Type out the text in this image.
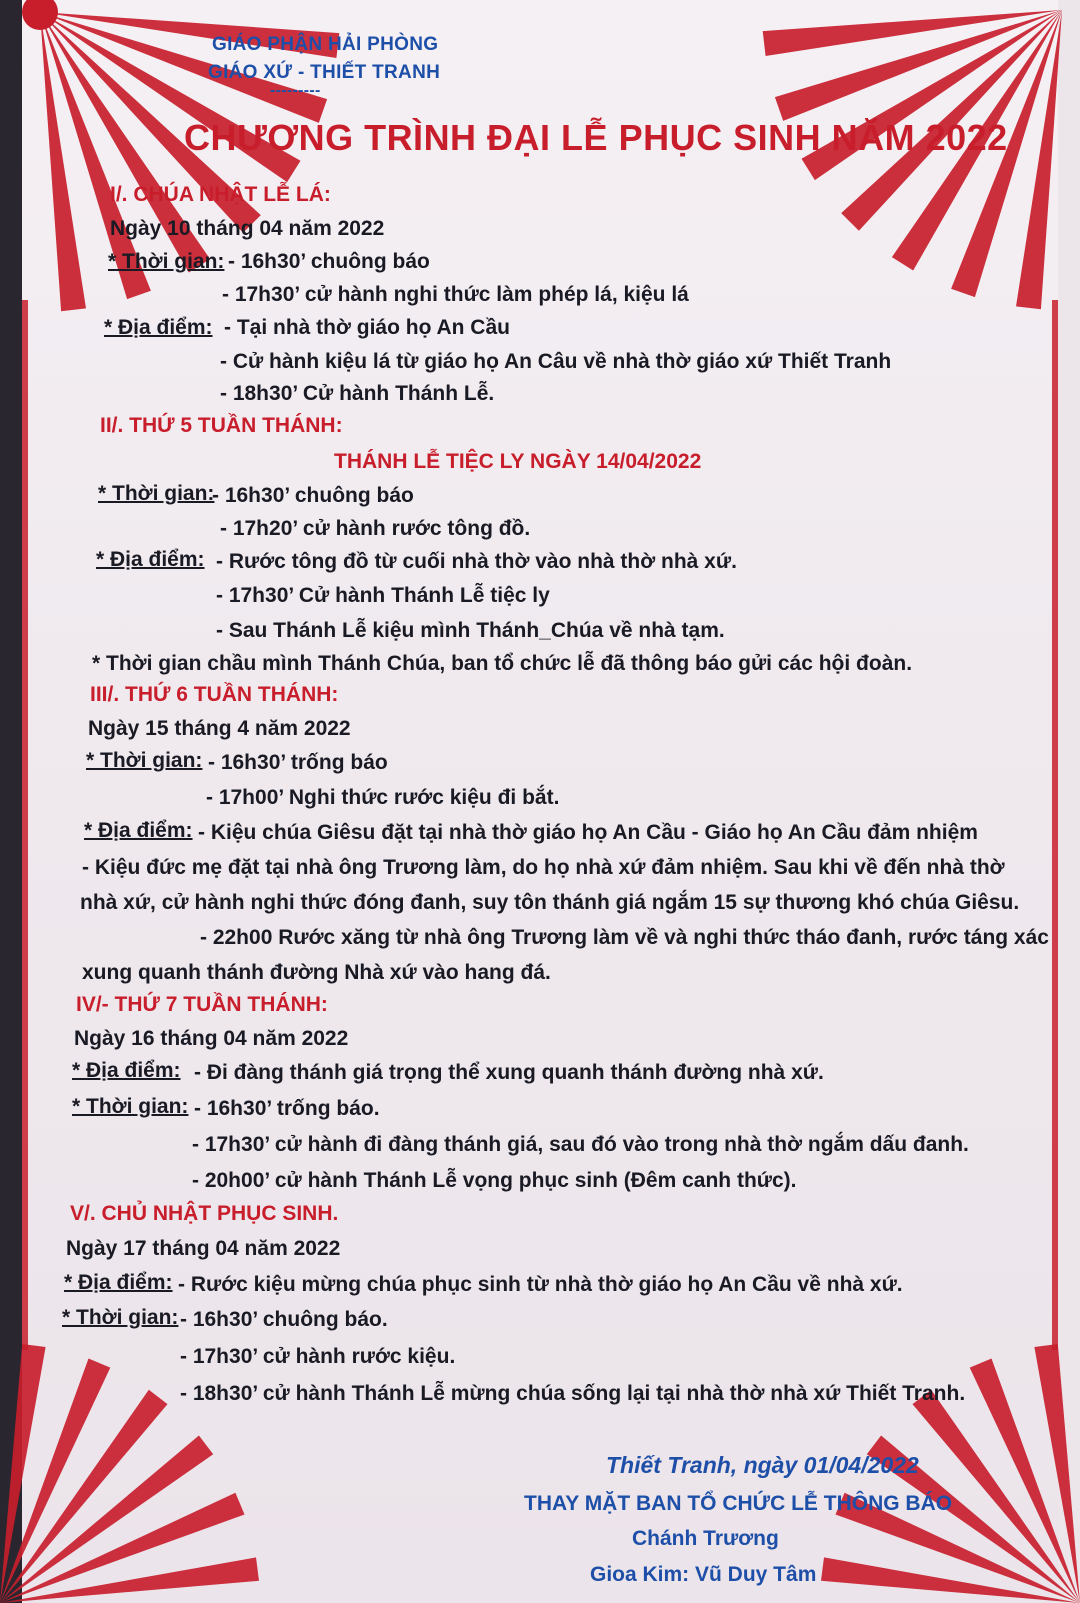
GIÁO PHẬN HẢI PHÒNG
GIÁO XỨ - THIẾT TRANH
---------
CHƯƠNG TRÌNH ĐẠI LỄ PHỤC SINH NĂM 2022
I/. CHÚA NHẬT LỄ LÁ:
Ngày 10 tháng 04 năm 2022
* Thời gian: - 16h30’ chuông báo
- 17h30’ cử hành nghi thức làm phép lá, kiệu lá
* Địa điểm: - Tại nhà thờ giáo họ An Cầu
- Cử hành kiệu lá từ giáo họ An Câu về nhà thờ giáo xứ Thiết Tranh
- 18h30’ Cử hành Thánh Lễ.
II/. THỨ 5 TUẦN THÁNH:
THÁNH LỄ TIỆC LY NGÀY 14/04/2022
* Thời gian:
- 16h30’ chuông báo
- 17h20’ cử hành rước tông đồ.
* Địa điểm: - Rước tông đồ từ cuối nhà thờ vào nhà thờ nhà xứ.
- 17h30’ Cử hành Thánh Lễ tiệc ly
- Sau Thánh Lễ kiệu mình Thánh_Chúa về nhà tạm.
* Thời gian chầu mình Thánh Chúa, ban tổ chức lễ đã thông báo gửi các hội đoàn.
III/. THỨ 6 TUẦN THÁNH:
Ngày 15 tháng 4 năm 2022
* Thời gian: - 16h30’ trống báo
- 17h00’ Nghi thức rước kiệu đi bắt.
* Địa điểm: - Kiệu chúa Giêsu đặt tại nhà thờ giáo họ An Cầu - Giáo họ An Cầu đảm nhiệm
- Kiệu đức mẹ đặt tại nhà ông Trương làm, do họ nhà xứ đảm nhiệm. Sau khi về đến nhà thờ
nhà xứ, cử hành nghi thức đóng đanh, suy tôn thánh giá ngắm 15 sự thương khó chúa Giêsu.
- 22h00 Rước xăng từ nhà ông Trương làm về và nghi thức tháo đanh, rước táng xác
xung quanh thánh đường Nhà xứ vào hang đá.
IV/- THỨ 7 TUẦN THÁNH:
Ngày 16 tháng 04 năm 2022
* Địa điểm: - Đi đàng thánh giá trọng thể xung quanh thánh đường nhà xứ.
* Thời gian: - 16h30’ trống báo.
- 17h30’ cử hành đi đàng thánh giá, sau đó vào trong nhà thờ ngắm dấu đanh.
- 20h00’ cử hành Thánh Lễ vọng phục sinh (Đêm canh thức).
V/. CHỦ NHẬT PHỤC SINH.
Ngày 17 tháng 04 năm 2022
* Địa điểm: - Rước kiệu mừng chúa phục sinh từ nhà thờ giáo họ An Cầu về nhà xứ.
* Thời gian: - 16h30’ chuông báo.
- 17h30’ cử hành rước kiệu.
- 18h30’ cử hành Thánh Lễ mừng chúa sống lại tại nhà thờ nhà xứ Thiết Tranh.
Thiết Tranh, ngày 01/04/2022
THAY MẶT BAN TỔ CHỨC LỄ THÔNG BÁO
Chánh Trương
Gioa Kim: Vũ Duy Tâm
